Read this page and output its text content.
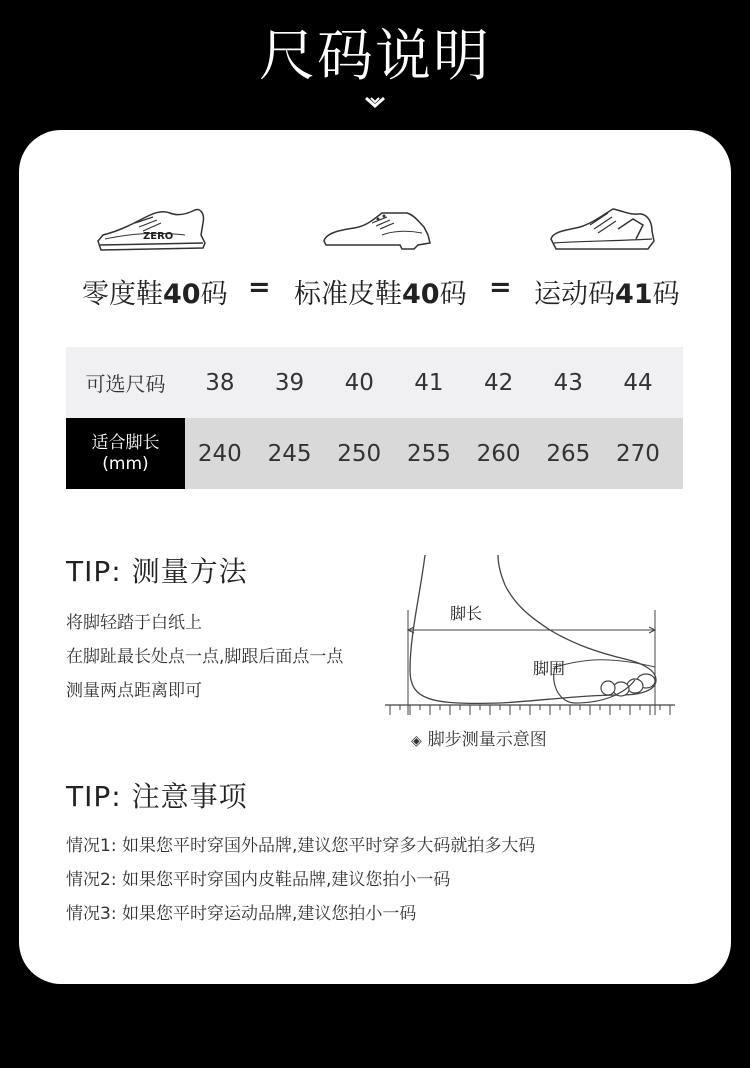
尺码说明
ZERO
零度鞋40码 = 标准皮鞋40码 = 运动码41码
可选尺码	38	39	40	41	42	43	44
适合脚长
(mm)	240	245	250	255	260	265	270
TIP: 测量方法
将脚轻踏于白纸上
在脚趾最长处点一点,脚跟后面点一点
测量两点距离即可
脚长
脚围
◈ 脚步测量示意图
TIP: 注意事项
情况1: 如果您平时穿国外品牌,建议您平时穿多大码就拍多大码
情况2: 如果您平时穿国内皮鞋品牌,建议您拍小一码
情况3: 如果您平时穿运动品牌,建议您拍小一码
